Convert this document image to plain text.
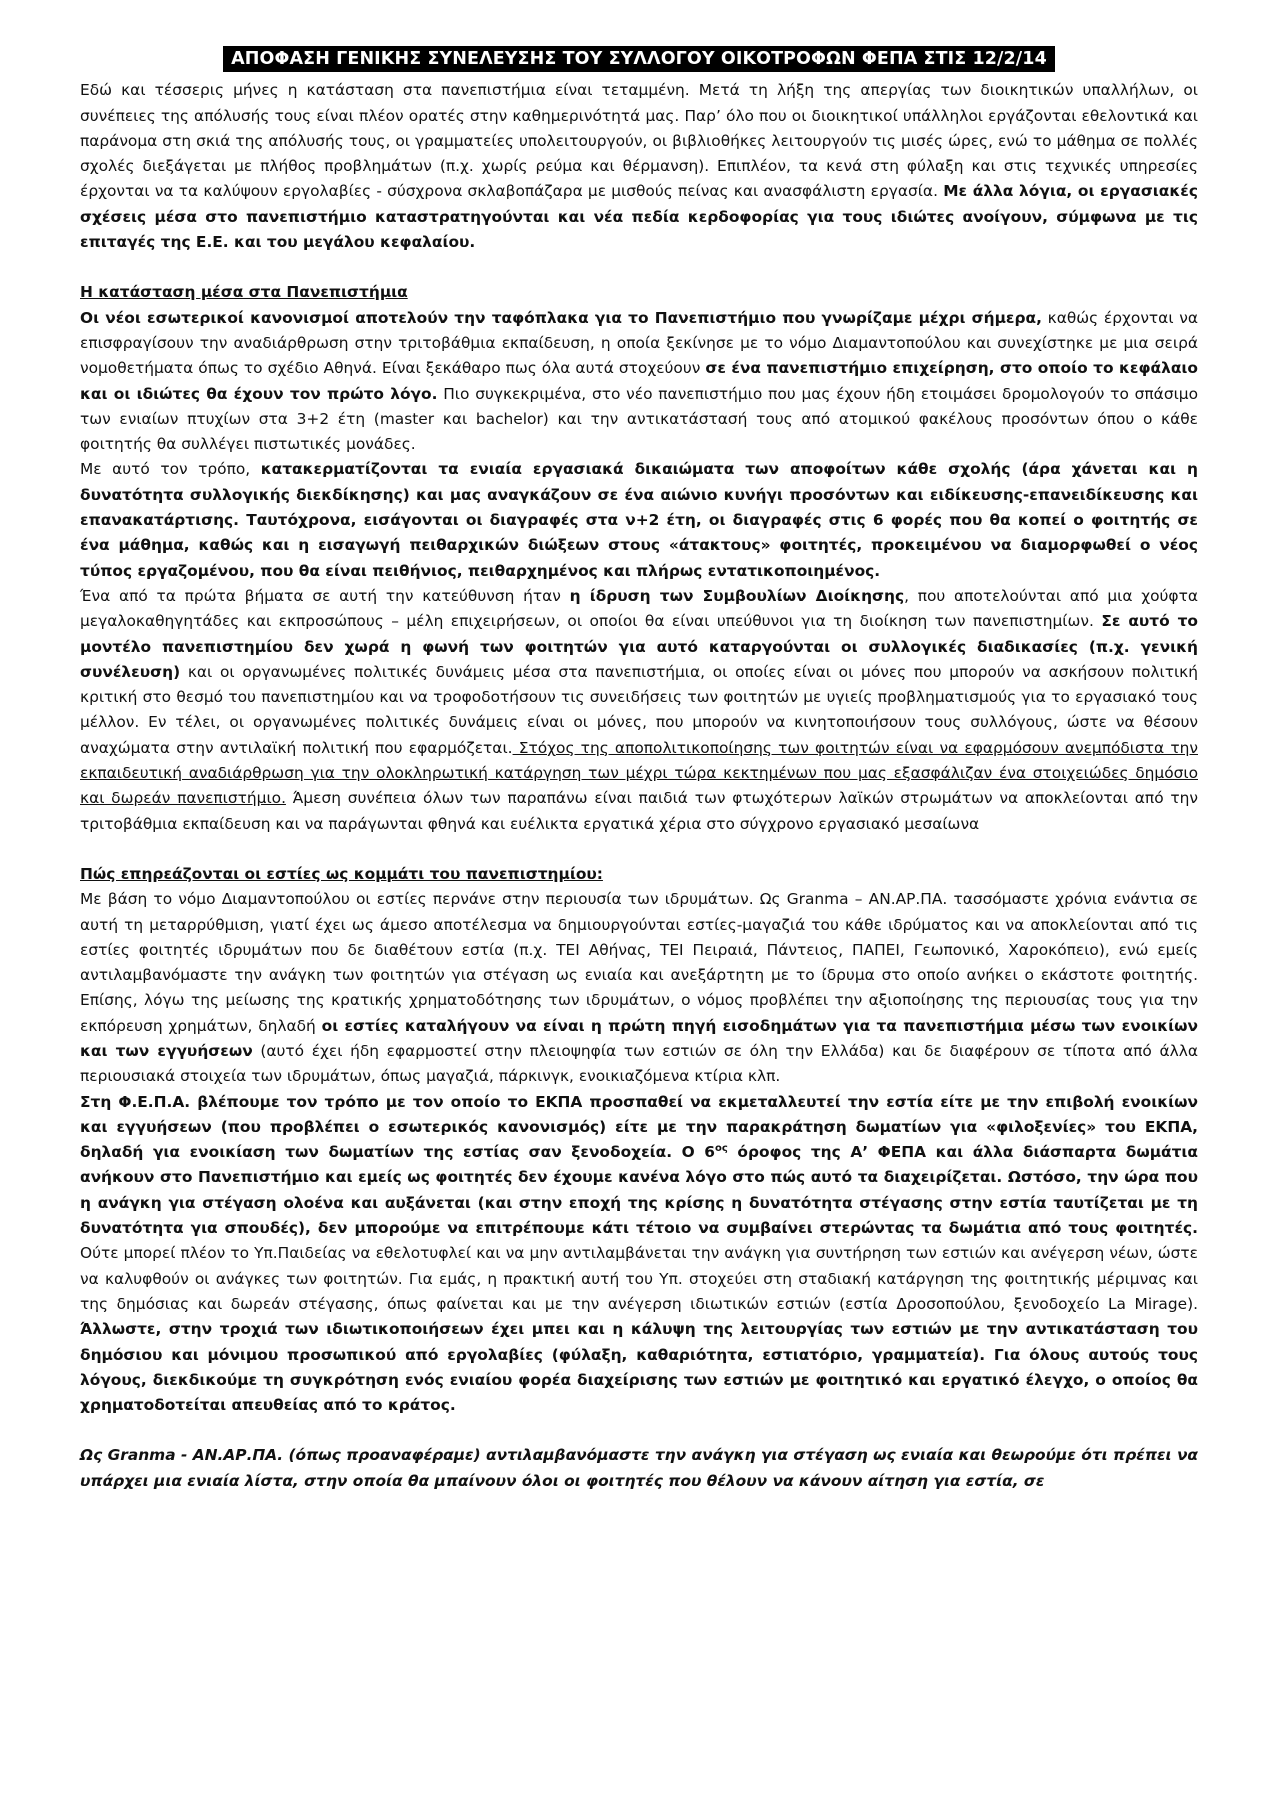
ΑΠΟΦΑΣΗ ΓΕΝΙΚΗΣ ΣΥΝΕΛΕΥΣΗΣ ΤΟΥ ΣΥΛΛΟΓΟΥ ΟΙΚΟΤΡΟΦΩΝ ΦΕΠΑ ΣΤΙΣ 12/2/14

Εδώ και τέσσερις μήνες η κατάσταση στα πανεπιστήμια είναι τεταμμένη. Μετά τη λήξη της απεργίας των διοικητικών υπαλλήλων, οι συνέπειες της απόλυσής τους είναι πλέον ορατές στην καθημερινότητά μας. Παρ’ όλο που οι διοικητικοί υπάλληλοι εργάζονται εθελοντικά και παράνομα στη σκιά της απόλυσής τους, οι γραμματείες υπολειτουργούν, οι βιβλιοθήκες λειτουργούν τις μισές ώρες, ενώ το μάθημα σε πολλές σχολές διεξάγεται με πλήθος προβλημάτων (π.χ. χωρίς ρεύμα και θέρμανση). Επιπλέον, τα κενά στη φύλαξη και στις τεχνικές υπηρεσίες έρχονται να τα καλύψουν εργολαβίες - σύσχρονα σκλαβοπάζαρα με μισθούς πείνας και ανασφάλιστη εργασία. Με άλλα λόγια, οι εργασιακές σχέσεις μέσα στο πανεπιστήμιο καταστρατηγούνται και νέα πεδία κερδοφορίας για τους ιδιώτες ανοίγουν, σύμφωνα με τις επιταγές της Ε.Ε. και του μεγάλου κεφαλαίου.

Η κατάσταση μέσα στα Πανεπιστήμια

Οι νέοι εσωτερικοί κανονισμοί αποτελούν την ταφόπλακα για το Πανεπιστήμιο που γνωρίζαμε μέχρι σήμερα, καθώς έρχονται να επισφραγίσουν την αναδιάρθρωση στην τριτοβάθμια εκπαίδευση, η οποία ξεκίνησε με το νόμο Διαμαντοπούλου και συνεχίστηκε με μια σειρά νομοθετήματα όπως το σχέδιο Αθηνά. Είναι ξεκάθαρο πως όλα αυτά στοχεύουν σε ένα πανεπιστήμιο επιχείρηση, στο οποίο το κεφάλαιο και οι ιδιώτες θα έχουν τον πρώτο λόγο. Πιο συγκεκριμένα, στο νέο πανεπιστήμιο που μας έχουν ήδη ετοιμάσει δρομολογούν το σπάσιμο των ενιαίων πτυχίων στα 3+2 έτη (master και bachelor) και την αντικατάστασή τους από ατομικού φακέλους προσόντων όπου ο κάθε φοιτητής θα συλλέγει πιστωτικές μονάδες.

Με αυτό τον τρόπο, κατακερματίζονται τα ενιαία εργασιακά δικαιώματα των αποφοίτων κάθε σχολής (άρα χάνεται και η δυνατότητα συλλογικής διεκδίκησης) και μας αναγκάζουν σε ένα αιώνιο κυνήγι προσόντων και ειδίκευσης-επανειδίκευσης και επανακατάρτισης. Ταυτόχρονα, εισάγονται οι διαγραφές στα ν+2 έτη, οι διαγραφές στις 6 φορές που θα κοπεί ο φοιτητής σε ένα μάθημα, καθώς και η εισαγωγή πειθαρχικών διώξεων στους «άτακτους» φοιτητές, προκειμένου να διαμορφωθεί ο νέος τύπος εργαζομένου, που θα είναι πειθήνιος, πειθαρχημένος και πλήρως εντατικοποιημένος.

Ένα από τα πρώτα βήματα σε αυτή την κατεύθυνση ήταν η ίδρυση των Συμβουλίων Διοίκησης, που αποτελούνται από μια χούφτα μεγαλοκαθηγητάδες και εκπροσώπους – μέλη επιχειρήσεων, οι οποίοι θα είναι υπεύθυνοι για τη διοίκηση των πανεπιστημίων. Σε αυτό το μοντέλο πανεπιστημίου δεν χωρά η φωνή των φοιτητών για αυτό καταργούνται οι συλλογικές διαδικασίες (π.χ. γενική συνέλευση) και οι οργανωμένες πολιτικές δυνάμεις μέσα στα πανεπιστήμια, οι οποίες είναι οι μόνες που μπορούν να ασκήσουν πολιτική κριτική στο θεσμό του πανεπιστημίου και να τροφοδοτήσουν τις συνειδήσεις των φοιτητών με υγιείς προβληματισμούς για το εργασιακό τους μέλλον. Εν τέλει, οι οργανωμένες πολιτικές δυνάμεις είναι οι μόνες, που μπορούν να κινητοποιήσουν τους συλλόγους, ώστε να θέσουν αναχώματα στην αντιλαϊκή πολιτική που εφαρμόζεται. Στόχος της αποπολιτικοποίησης των φοιτητών είναι να εφαρμόσουν ανεμπόδιστα την εκπαιδευτική αναδιάρθρωση για την ολοκληρωτική κατάργηση των μέχρι τώρα κεκτημένων που μας εξασφάλιζαν ένα στοιχειώδες δημόσιο και δωρεάν πανεπιστήμιο. Άμεση συνέπεια όλων των παραπάνω είναι παιδιά των φτωχότερων λαϊκών στρωμάτων να αποκλείονται από την τριτοβάθμια εκπαίδευση και να παράγωνται φθηνά και ευέλικτα εργατικά χέρια στο σύγχρονο εργασιακό μεσαίωνα

Πώς επηρεάζονται οι εστίες ως κομμάτι του πανεπιστημίου:

Με βάση το νόμο Διαμαντοπούλου οι εστίες περνάνε στην περιουσία των ιδρυμάτων. Ως Granma – ΑΝ.ΑΡ.ΠΑ. τασσόμαστε χρόνια ενάντια σε αυτή τη μεταρρύθμιση, γιατί έχει ως άμεσο αποτέλεσμα να δημιουργούνται εστίες-μαγαζιά του κάθε ιδρύματος και να αποκλείονται από τις εστίες φοιτητές ιδρυμάτων που δε διαθέτουν εστία (π.χ. ΤΕΙ Αθήνας, ΤΕΙ Πειραιά, Πάντειος, ΠΑΠΕΙ, Γεωπονικό, Χαροκόπειο), ενώ εμείς αντιλαμβανόμαστε την ανάγκη των φοιτητών για στέγαση ως ενιαία και ανεξάρτητη με το ίδρυμα στο οποίο ανήκει ο εκάστοτε φοιτητής. Επίσης, λόγω της μείωσης της κρατικής χρηματοδότησης των ιδρυμάτων, ο νόμος προβλέπει την αξιοποίησης της περιουσίας τους για την εκπόρευση χρημάτων, δηλαδή οι εστίες καταλήγουν να είναι η πρώτη πηγή εισοδημάτων για τα πανεπιστήμια μέσω των ενοικίων και των εγγυήσεων (αυτό έχει ήδη εφαρμοστεί στην πλειοψηφία των εστιών σε όλη την Ελλάδα) και δε διαφέρουν σε τίποτα από άλλα περιουσιακά στοιχεία των ιδρυμάτων, όπως μαγαζιά, πάρκινγκ, ενοικιαζόμενα κτίρια κλπ.

Στη Φ.Ε.Π.Α. βλέπουμε τον τρόπο με τον οποίο το ΕΚΠΑ προσπαθεί να εκμεταλλευτεί την εστία είτε με την επιβολή ενοικίων και εγγυήσεων (που προβλέπει ο εσωτερικός κανονισμός) είτε με την παρακράτηση δωματίων για «φιλοξενίες» του ΕΚΠΑ, δηλαδή για ενοικίαση των δωματίων της εστίας σαν ξενοδοχεία. Ο $6^{o\varsigma}$ όροφος της Α’ ΦΕΠΑ και άλλα διάσπαρτα δωμάτια ανήκουν στο Πανεπιστήμιο και εμείς ως φοιτητές δεν έχουμε κανένα λόγο στο πώς αυτό τα διαχειρίζεται. Ωστόσο, την ώρα που η ανάγκη για στέγαση ολοένα και αυξάνεται (και στην εποχή της κρίσης η δυνατότητα στέγασης στην εστία ταυτίζεται με τη δυνατότητα για σπουδές), δεν μπορούμε να επιτρέπουμε κάτι τέτοιο να συμβαίνει στερώντας τα δωμάτια από τους φοιτητές. Ούτε μπορεί πλέον το Υπ.Παιδείας να εθελοτυφλεί και να μην αντιλαμβάνεται την ανάγκη για συντήρηση των εστιών και ανέγερση νέων, ώστε να καλυφθούν οι ανάγκες των φοιτητών. Για εμάς, η πρακτική αυτή του Υπ. στοχεύει στη σταδιακή κατάργηση της φοιτητικής μέριμνας και της δημόσιας και δωρεάν στέγασης, όπως φαίνεται και με την ανέγερση ιδιωτικών εστιών (εστία Δροσοπούλου, ξενοδοχείο La Mirage). Άλλωστε, στην τροχιά των ιδιωτικοποιήσεων έχει μπει και η κάλυψη της λειτουργίας των εστιών με την αντικατάσταση του δημόσιου και μόνιμου προσωπικού από εργολαβίες (φύλαξη, καθαριότητα, εστιατόριο, γραμματεία). Για όλους αυτούς τους λόγους, διεκδικούμε τη συγκρότηση ενός ενιαίου φορέα διαχείρισης των εστιών με φοιτητικό και εργατικό έλεγχο, ο οποίος θα χρηματοδοτείται απευθείας από το κράτος.

Ως Granma - ΑΝ.ΑΡ.ΠΑ. (όπως προαναφέραμε) αντιλαμβανόμαστε την ανάγκη για στέγαση ως ενιαία και θεωρούμε ότι πρέπει να υπάρχει μια ενιαία λίστα, στην οποία θα μπαίνουν όλοι οι φοιτητές που θέλουν να κάνουν αίτηση για εστία, σε
